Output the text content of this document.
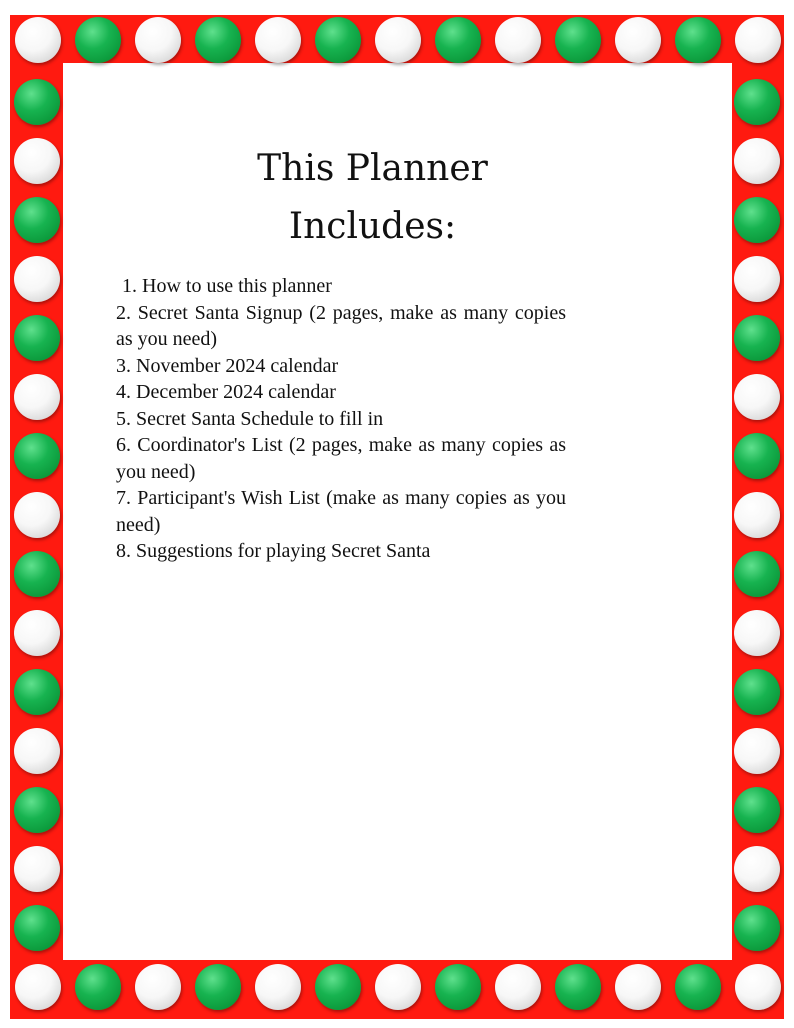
This Planner
Includes:
1. How to use this planner
2. Secret Santa Signup (2 pages, make as many copies as you need)
3. November 2024 calendar
4. December 2024 calendar
5. Secret Santa Schedule to fill in
6. Coordinator's List (2 pages, make as many copies as you need)
7. Participant's Wish List (make as many copies as you need)
8. Suggestions for playing Secret Santa
